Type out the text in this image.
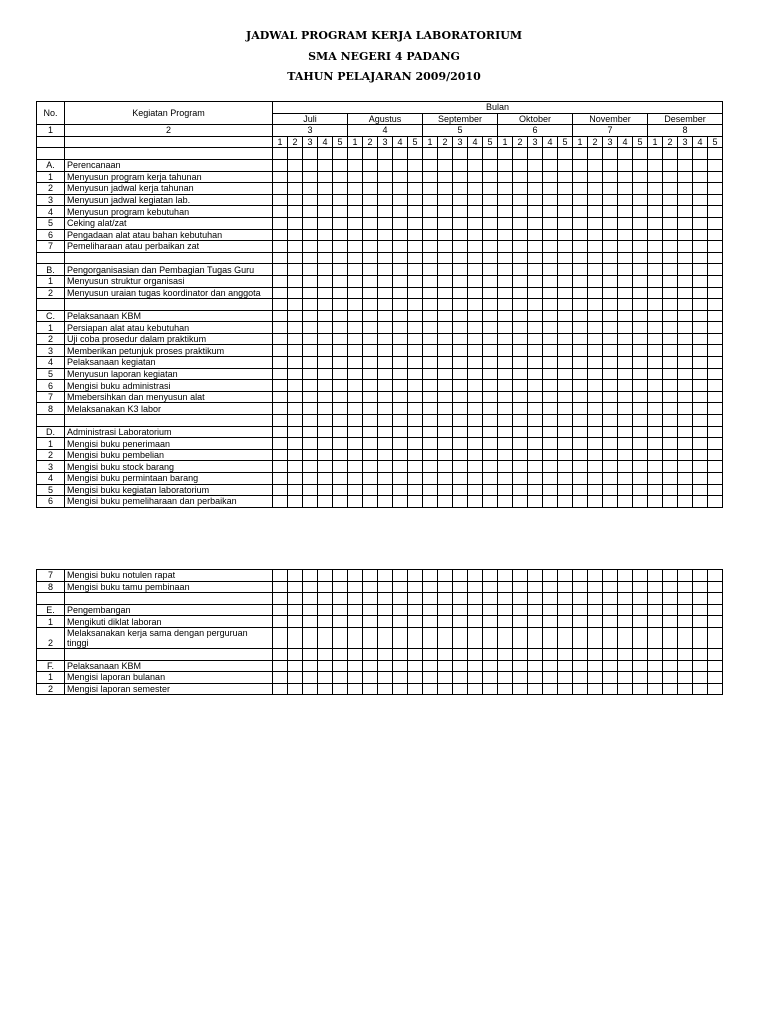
JADWAL PROGRAM KERJA LABORATORIUM
SMA NEGERI 4 PADANG
TAHUN PELAJARAN 2009/2010
No.	Kegiatan Program	Bulan																													
		Juli					Agustus					September					Oktober					November					Desember				
1	2	3					4					5					6					7					8				
		1	2	3	4	5	1	2	3	4	5	1	2	3	4	5	1	2	3	4	5	1	2	3	4	5	1	2	3	4	5

A.	Perencanaan																														
1	Menyusun program kerja tahunan																														
2	Menyusun jadwal kerja tahunan																														
3	Menyusun jadwal kegiatan lab.																														
4	Menyusun program kebutuhan																														
5	Ceking alat/zat																														
6	Pengadaan alat atau bahan kebutuhan																														
7	Pemeliharaan atau perbaikan zat																														

B.	Pengorganisasian dan Pembagian Tugas Guru																														
1	Menyusun struktur organisasi																														
2	Menyusun uraian tugas koordinator dan anggota																														

C.	Pelaksanaan KBM																														
1	Persiapan alat atau kebutuhan																														
2	Uji coba prosedur dalam praktikum																														
3	Memberikan petunjuk proses praktikum																														
4	Pelaksanaan kegiatan																														
5	Menyusun laporan kegiatan																														
6	Mengisi buku administrasi																														
7	Mmebersihkan dan menyusun alat																														
8	Melaksanakan K3 labor																														

D.	Administrasi Laboratorium																														
1	Mengisi buku penerimaan																														
2	Mengisi buku pembelian																														
3	Mengisi buku stock barang																														
4	Mengisi buku permintaan barang																														
5	Mengisi buku kegiatan laboratorium																														
6	Mengisi buku pemeliharaan dan perbaikan																														
7	Mengisi buku notulen rapat																														
8	Mengisi buku tamu pembinaan																														

E.	Pengembangan																														
1	Mengikuti diklat laboran																														
2	Melaksanakan kerja sama dengan perguruan tinggi																														

F.	Pelaksanaan KBM																														
1	Mengisi laporan bulanan																														
2	Mengisi laporan semester																														
